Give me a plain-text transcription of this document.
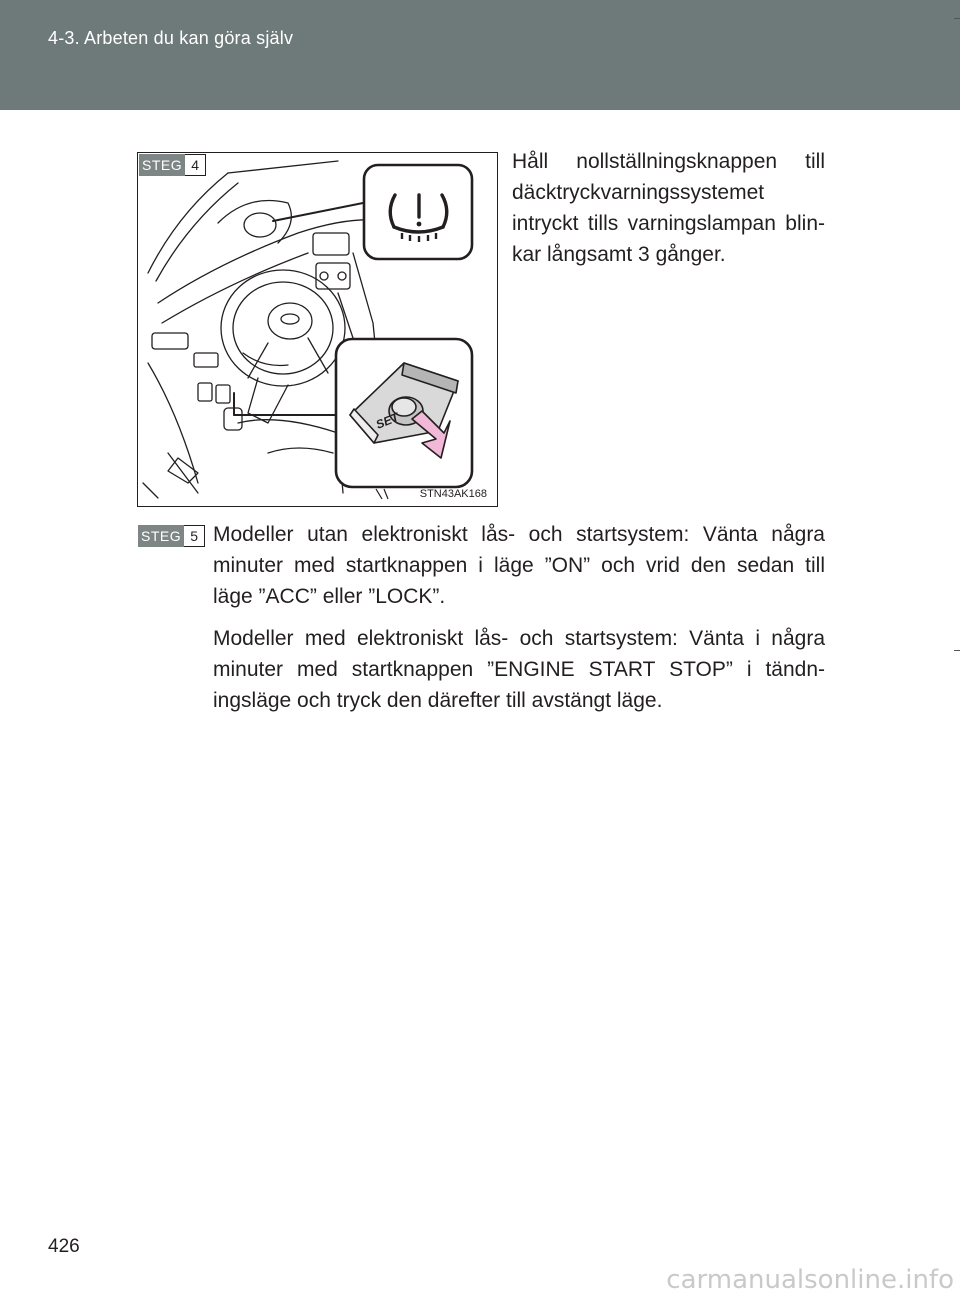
4-3. Arbeten du kan göra själv
SET
STEG 4
STN43AK168
Håll nollställningsknappen till
däcktryckvarningssystemet
intryckt tills varningslampan blin-
kar långsamt 3 gånger.
STEG 5 Modeller utan elektroniskt lås- och startsystem: Vänta några
minuter med startknappen i läge ”ON” och vrid den sedan till
läge ”ACC” eller ”LOCK”.
Modeller med elektroniskt lås- och startsystem: Vänta i några
minuter med startknappen ”ENGINE START STOP” i tändn-
ingsläge och tryck den därefter till avstängt läge.
426
carmanualsonline.info
